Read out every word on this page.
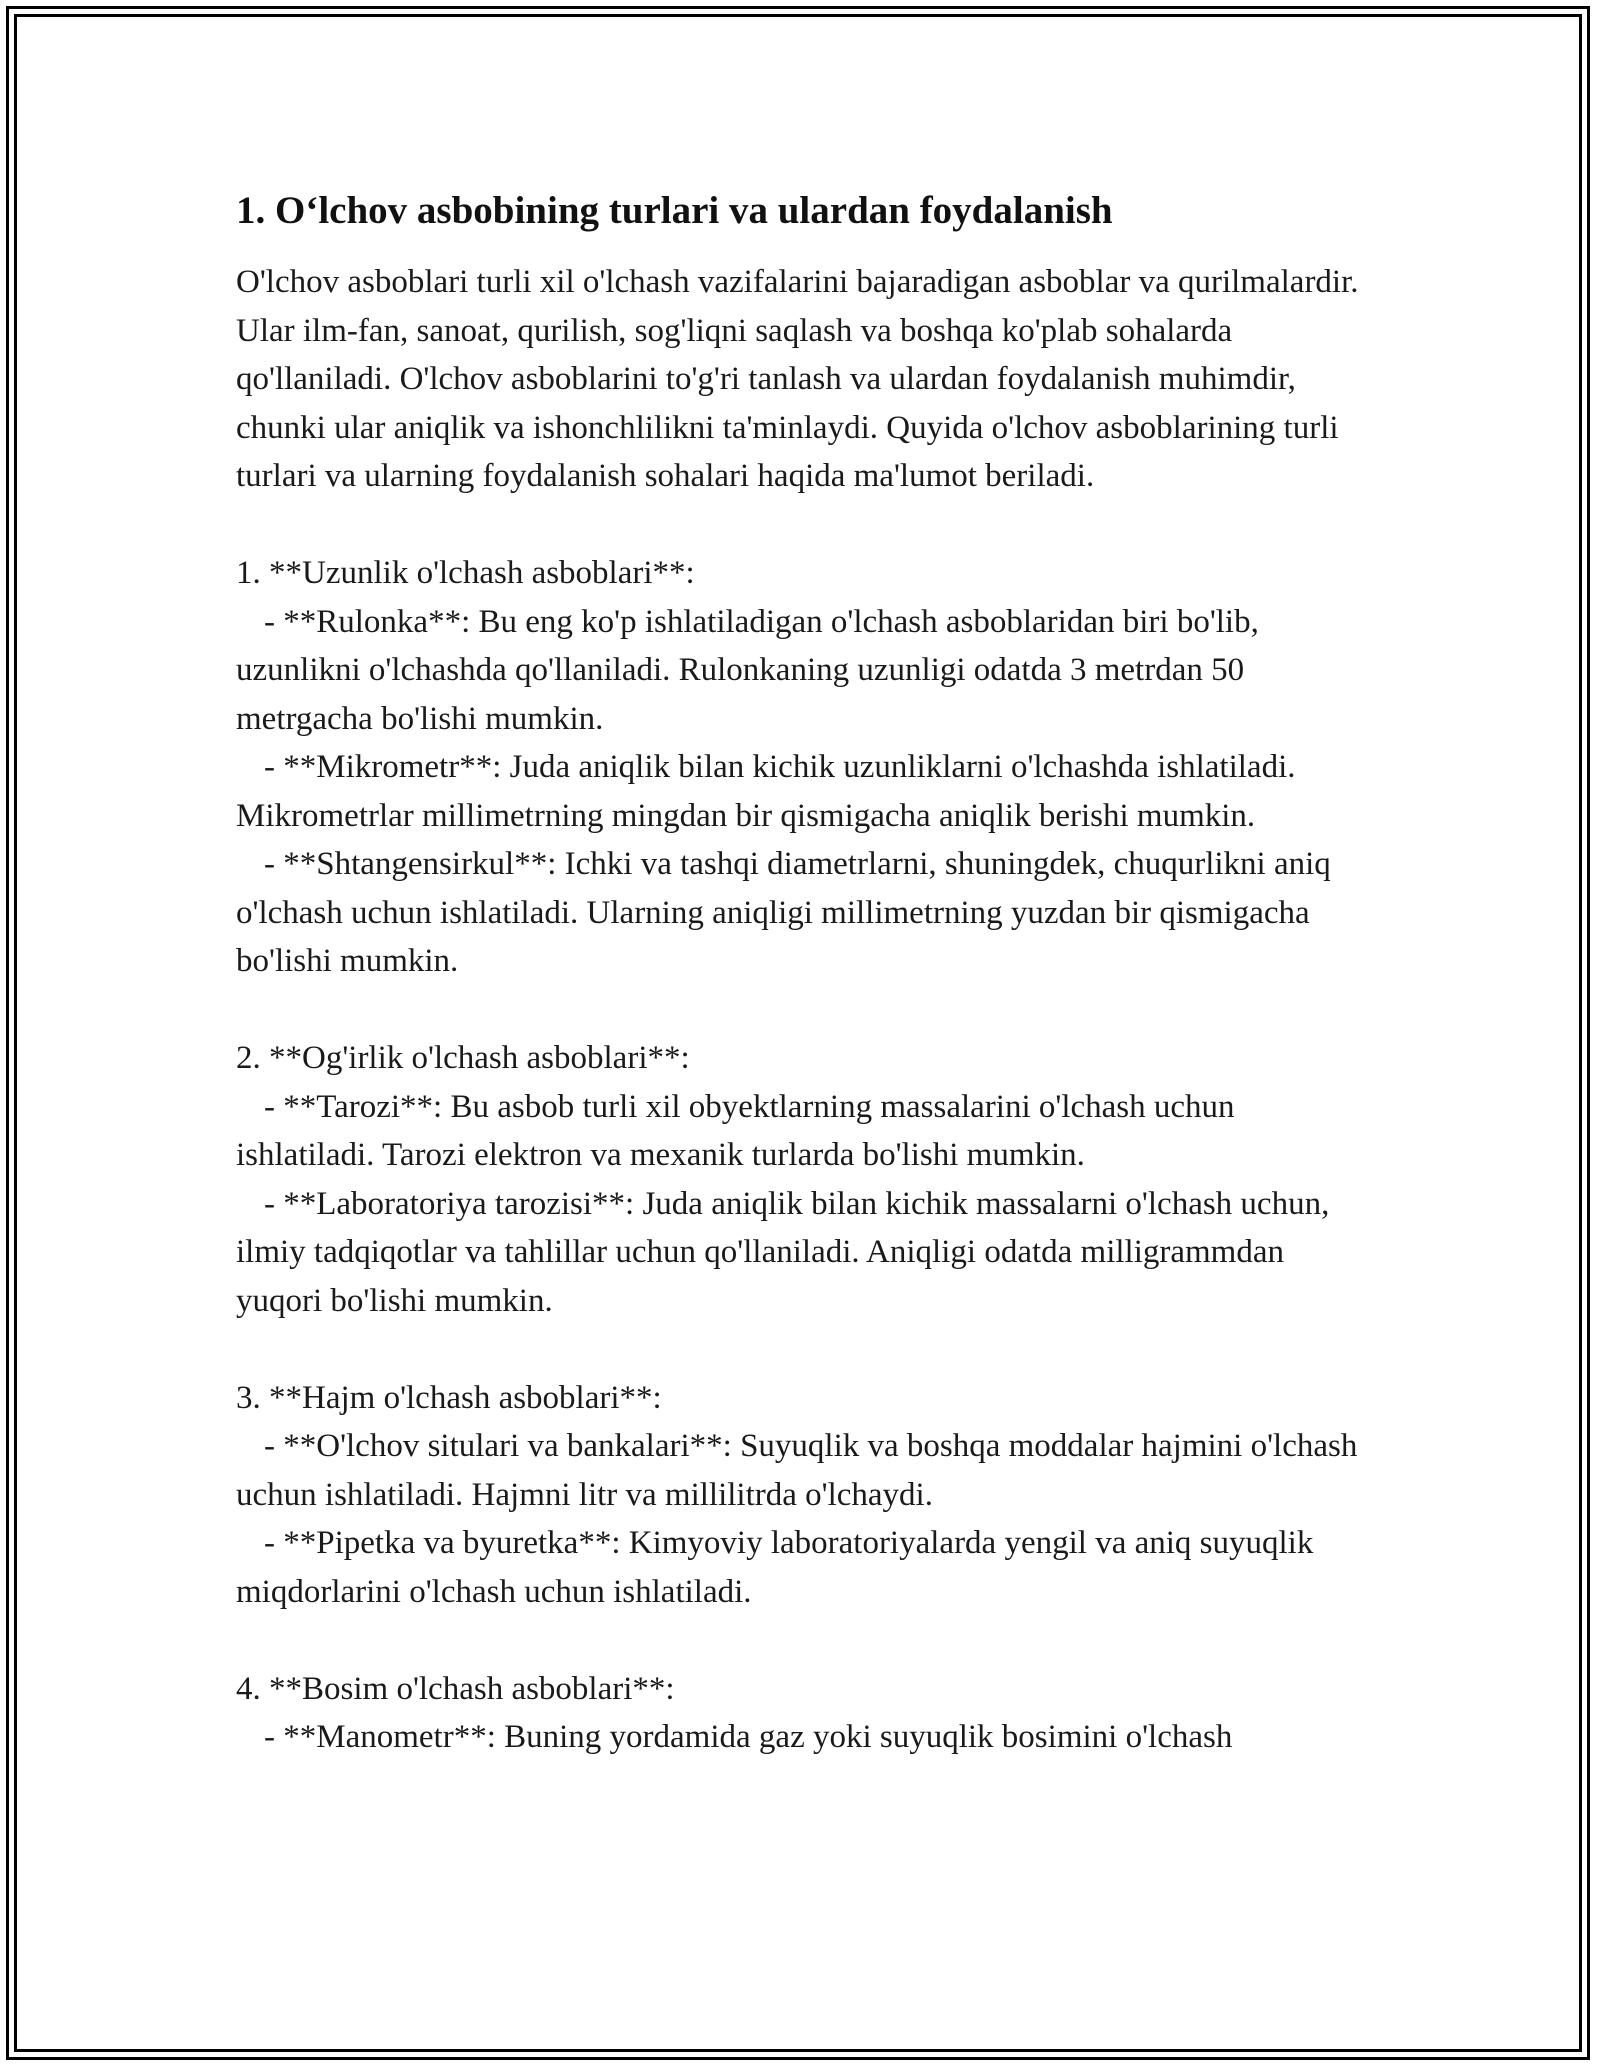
1. O‘lchov asbobining turlari va ulardan foydalanish

O'lchov asboblari turli xil o'lchash vazifalarini bajaradigan asboblar va qurilmalardir. Ular ilm-fan, sanoat, qurilish, sog'liqni saqlash va boshqa ko'plab sohalarda qo'llaniladi. O'lchov asboblarini to'g'ri tanlash va ulardan foydalanish muhimdir, chunki ular aniqlik va ishonchlilikni ta'minlaydi. Quyida o'lchov asboblarining turli turlari va ularning foydalanish sohalari haqida ma'lumot beriladi.

1. **Uzunlik o'lchash asboblari**:

- **Rulonka**: Bu eng ko'p ishlatiladigan o'lchash asboblaridan biri bo'lib, uzunlikni o'lchashda qo'llaniladi. Rulonkaning uzunligi odatda 3 metrdan 50 metrgacha bo'lishi mumkin.

- **Mikrometr**: Juda aniqlik bilan kichik uzunliklarni o'lchashda ishlatiladi. Mikrometrlar millimetrning mingdan bir qismigacha aniqlik berishi mumkin.

- **Shtangensirkul**: Ichki va tashqi diametrlarni, shuningdek, chuqurlikni aniq o'lchash uchun ishlatiladi. Ularning aniqligi millimetrning yuzdan bir qismigacha bo'lishi mumkin.

2. **Og'irlik o'lchash asboblari**:

- **Tarozi**: Bu asbob turli xil obyektlarning massalarini o'lchash uchun ishlatiladi. Tarozi elektron va mexanik turlarda bo'lishi mumkin.

- **Laboratoriya tarozisi**: Juda aniqlik bilan kichik massalarni o'lchash uchun, ilmiy tadqiqotlar va tahlillar uchun qo'llaniladi. Aniqligi odatda milligrammdan yuqori bo'lishi mumkin.

3. **Hajm o'lchash asboblari**:

- **O'lchov situlari va bankalari**: Suyuqlik va boshqa moddalar hajmini o'lchash uchun ishlatiladi. Hajmni litr va millilitrda o'lchaydi.

- **Pipetka va byuretka**: Kimyoviy laboratoriyalarda yengil va aniq suyuqlik miqdorlarini o'lchash uchun ishlatiladi.

4. **Bosim o'lchash asboblari**:

- **Manometr**: Buning yordamida gaz yoki suyuqlik bosimini o'lchash
